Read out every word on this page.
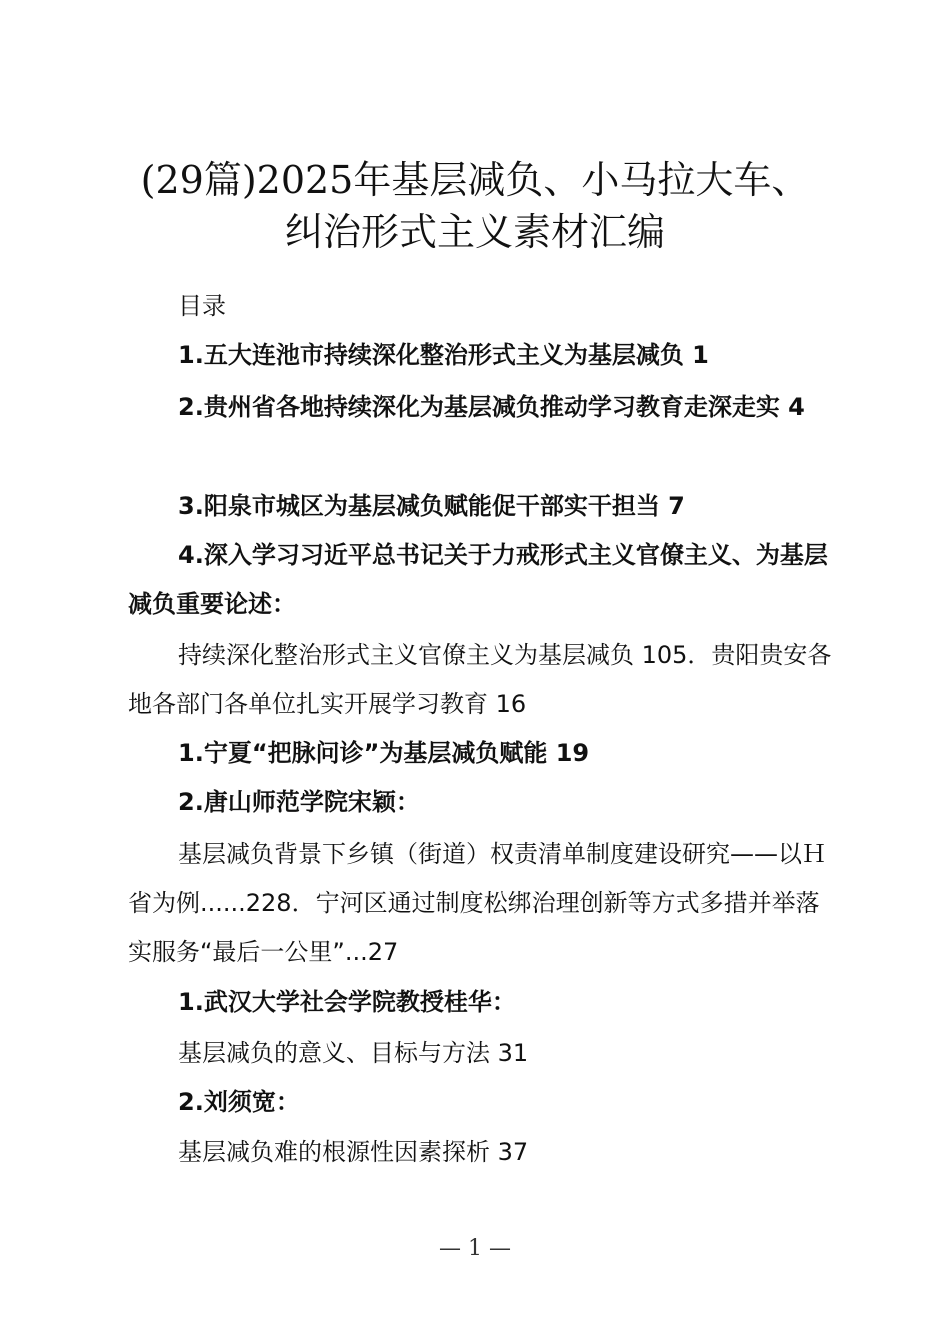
(29篇)2025年基层减负、小马拉大车、
纠治形式主义素材汇编
目录
1.五大连池市持续深化整治形式主义为基层减负 1
2.贵州省各地持续深化为基层减负推动学习教育走深走实 4
3.阳泉市城区为基层减负赋能促干部实干担当 7
4.深入学习习近平总书记关于力戒形式主义官僚主义、为基层减负重要论述：
持续深化整治形式主义官僚主义为基层减负 105．贵阳贵安各地各部门各单位扎实开展学习教育 16
1.宁夏“把脉问诊”为基层减负赋能 19
2.唐山师范学院宋颖：
基层减负背景下乡镇（街道）权责清单制度建设研究——以Ｈ省为例......228．宁河区通过制度松绑治理创新等方式多措并举落实服务“最后一公里”...27
1.武汉大学社会学院教授桂华：
基层减负的意义、目标与方法 31
2.刘须宽：
基层减负难的根源性因素探析 37
— 1 —
